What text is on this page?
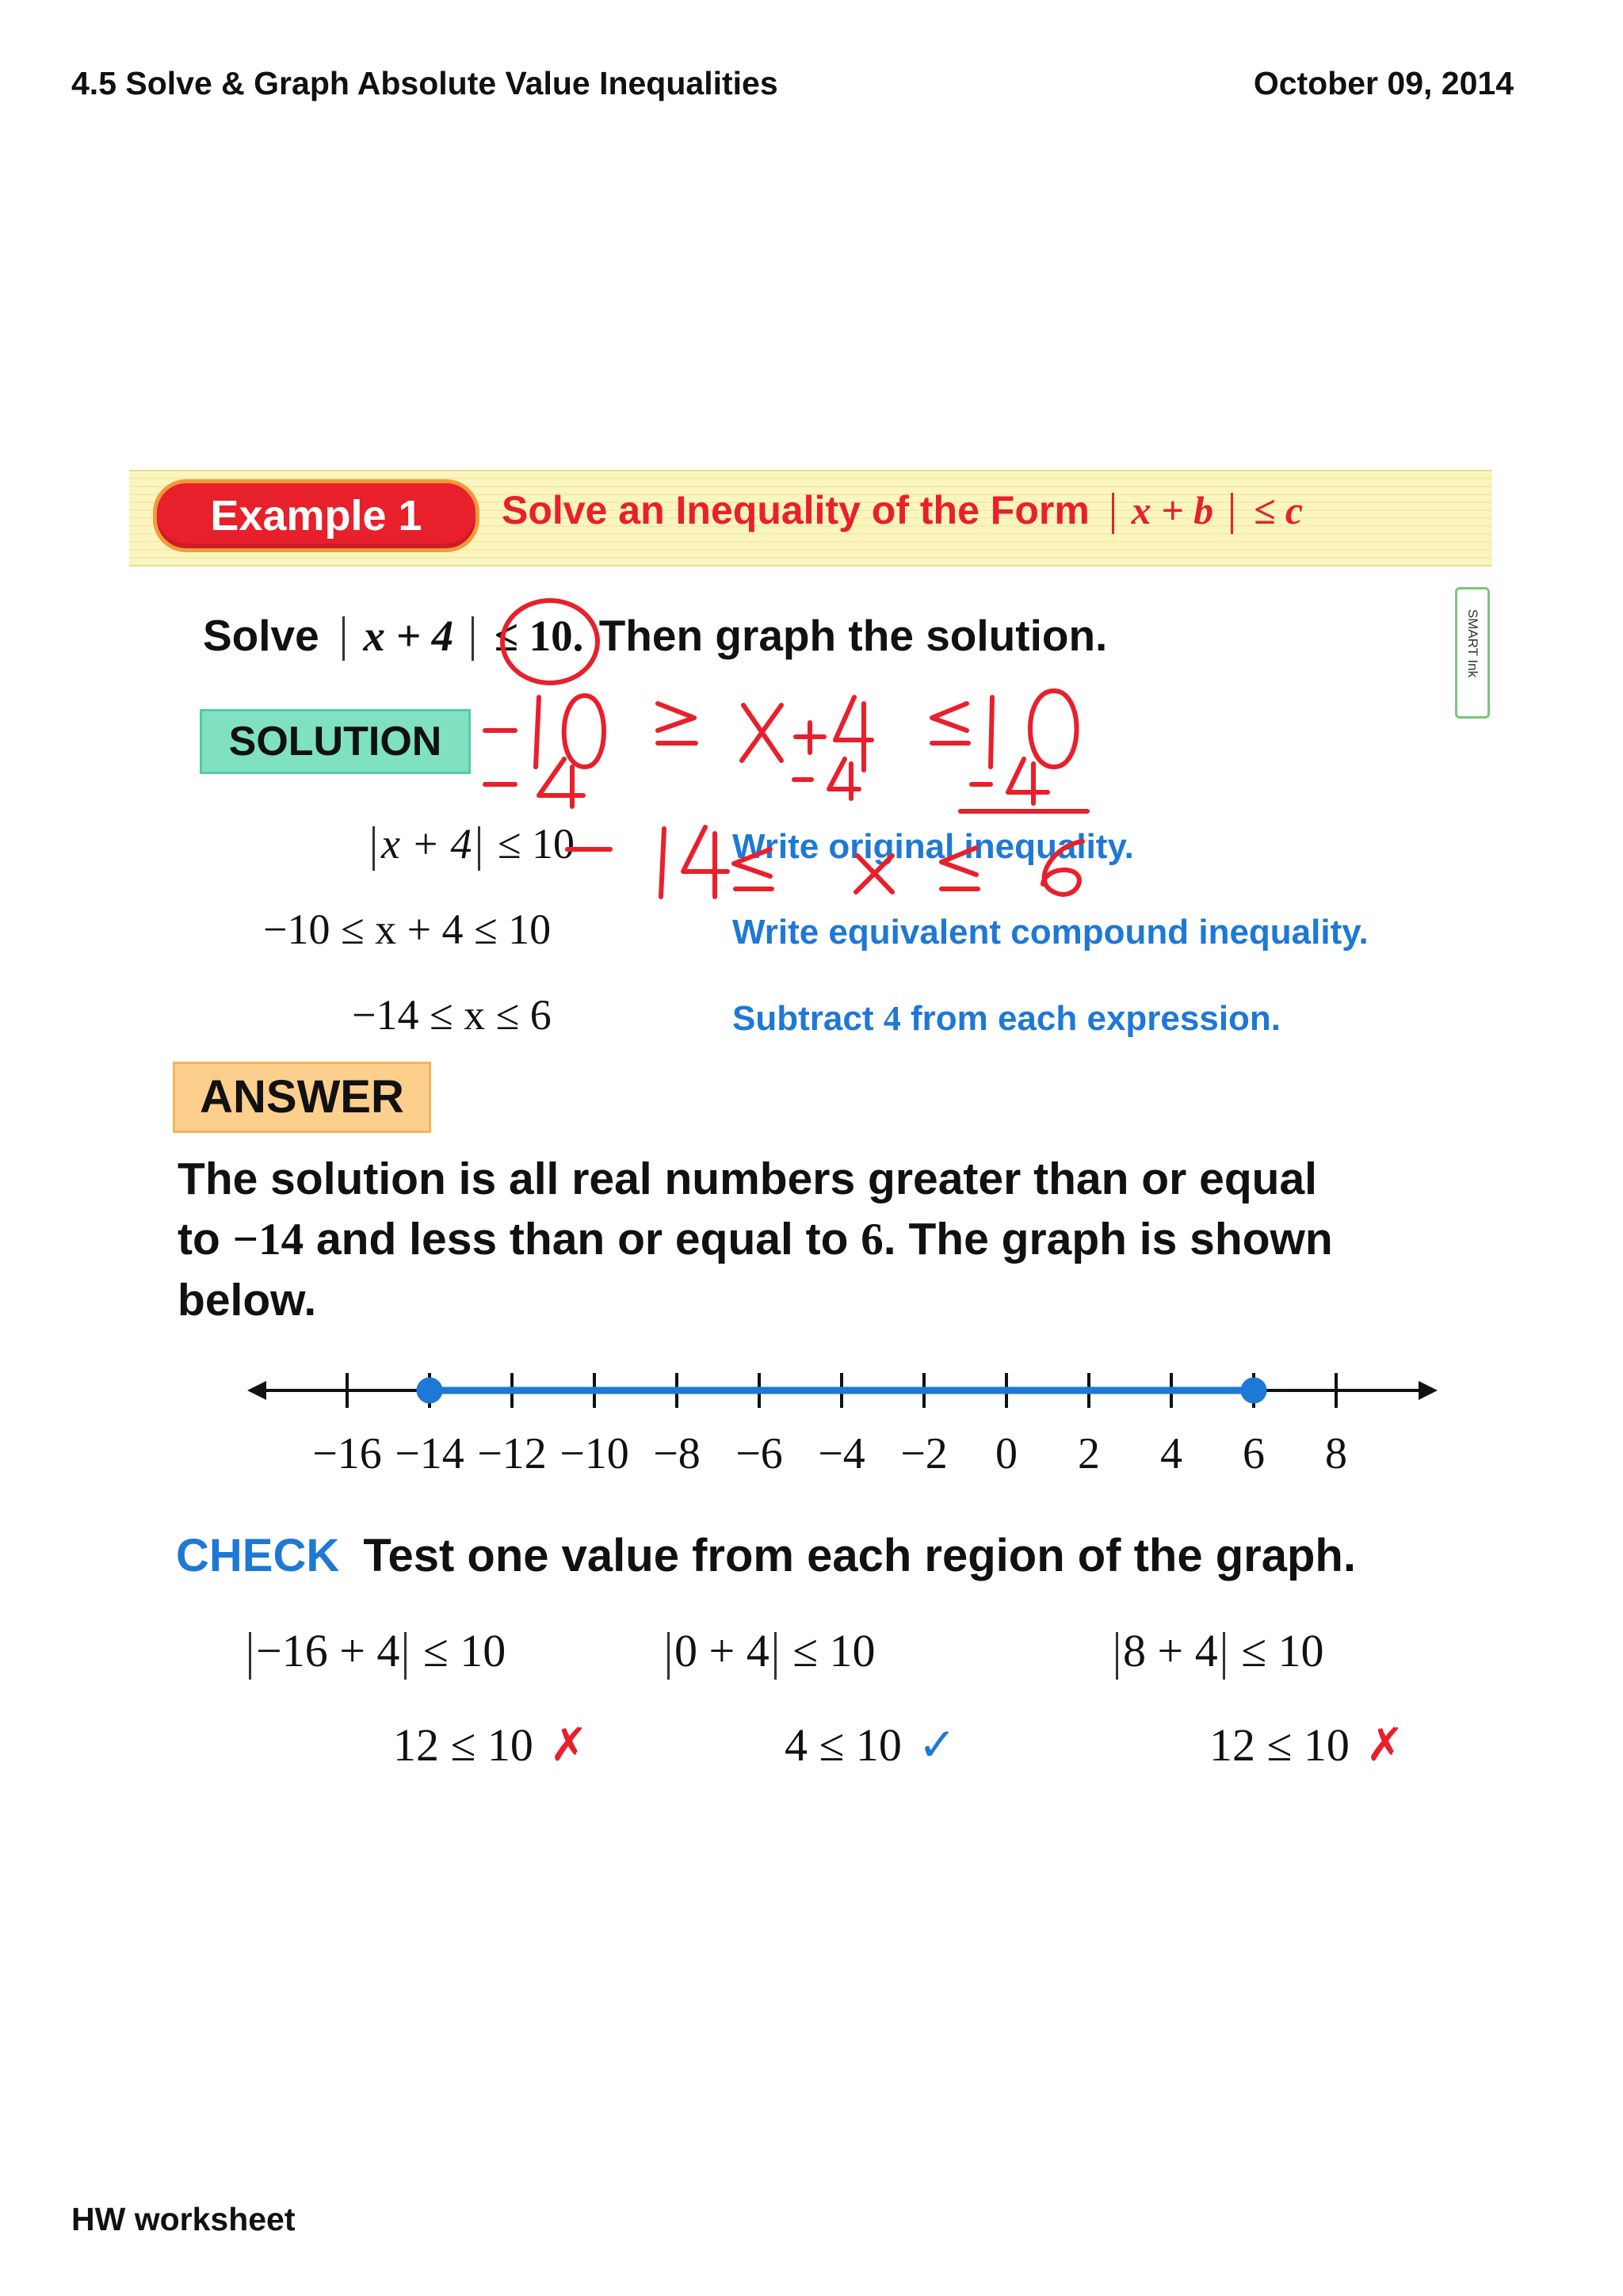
4.5 Solve & Graph Absolute Value Inequalities	October 09, 2014
Example 1	Solve an Inequality of the Form x + b ≤ c
Solve x + 4 ≤ 10. Then graph the solution.	SMART Ink
SOLUTION
x + 4 ≤ 10	Write original inequality.
−10 ≤ x + 4 ≤ 10	Write equivalent compound inequality.
−14 ≤ x ≤ 6	Subtract 4 from each expression.
ANSWER
The solution is all real numbers greater than or equal
to −14 and less than or equal to 6. The graph is shown
below.
−16 −14 −12 −10 −8 −6 −4 −2 0 2 4 6 8
CHECK Test one value from each region of the graph.
−16 + 4 ≤ 10	0 + 4 ≤ 10	8 + 4 ≤ 10
12 ≤ 10 ✗	4 ≤ 10 ✓	12 ≤ 10 ✗
HW worksheet
